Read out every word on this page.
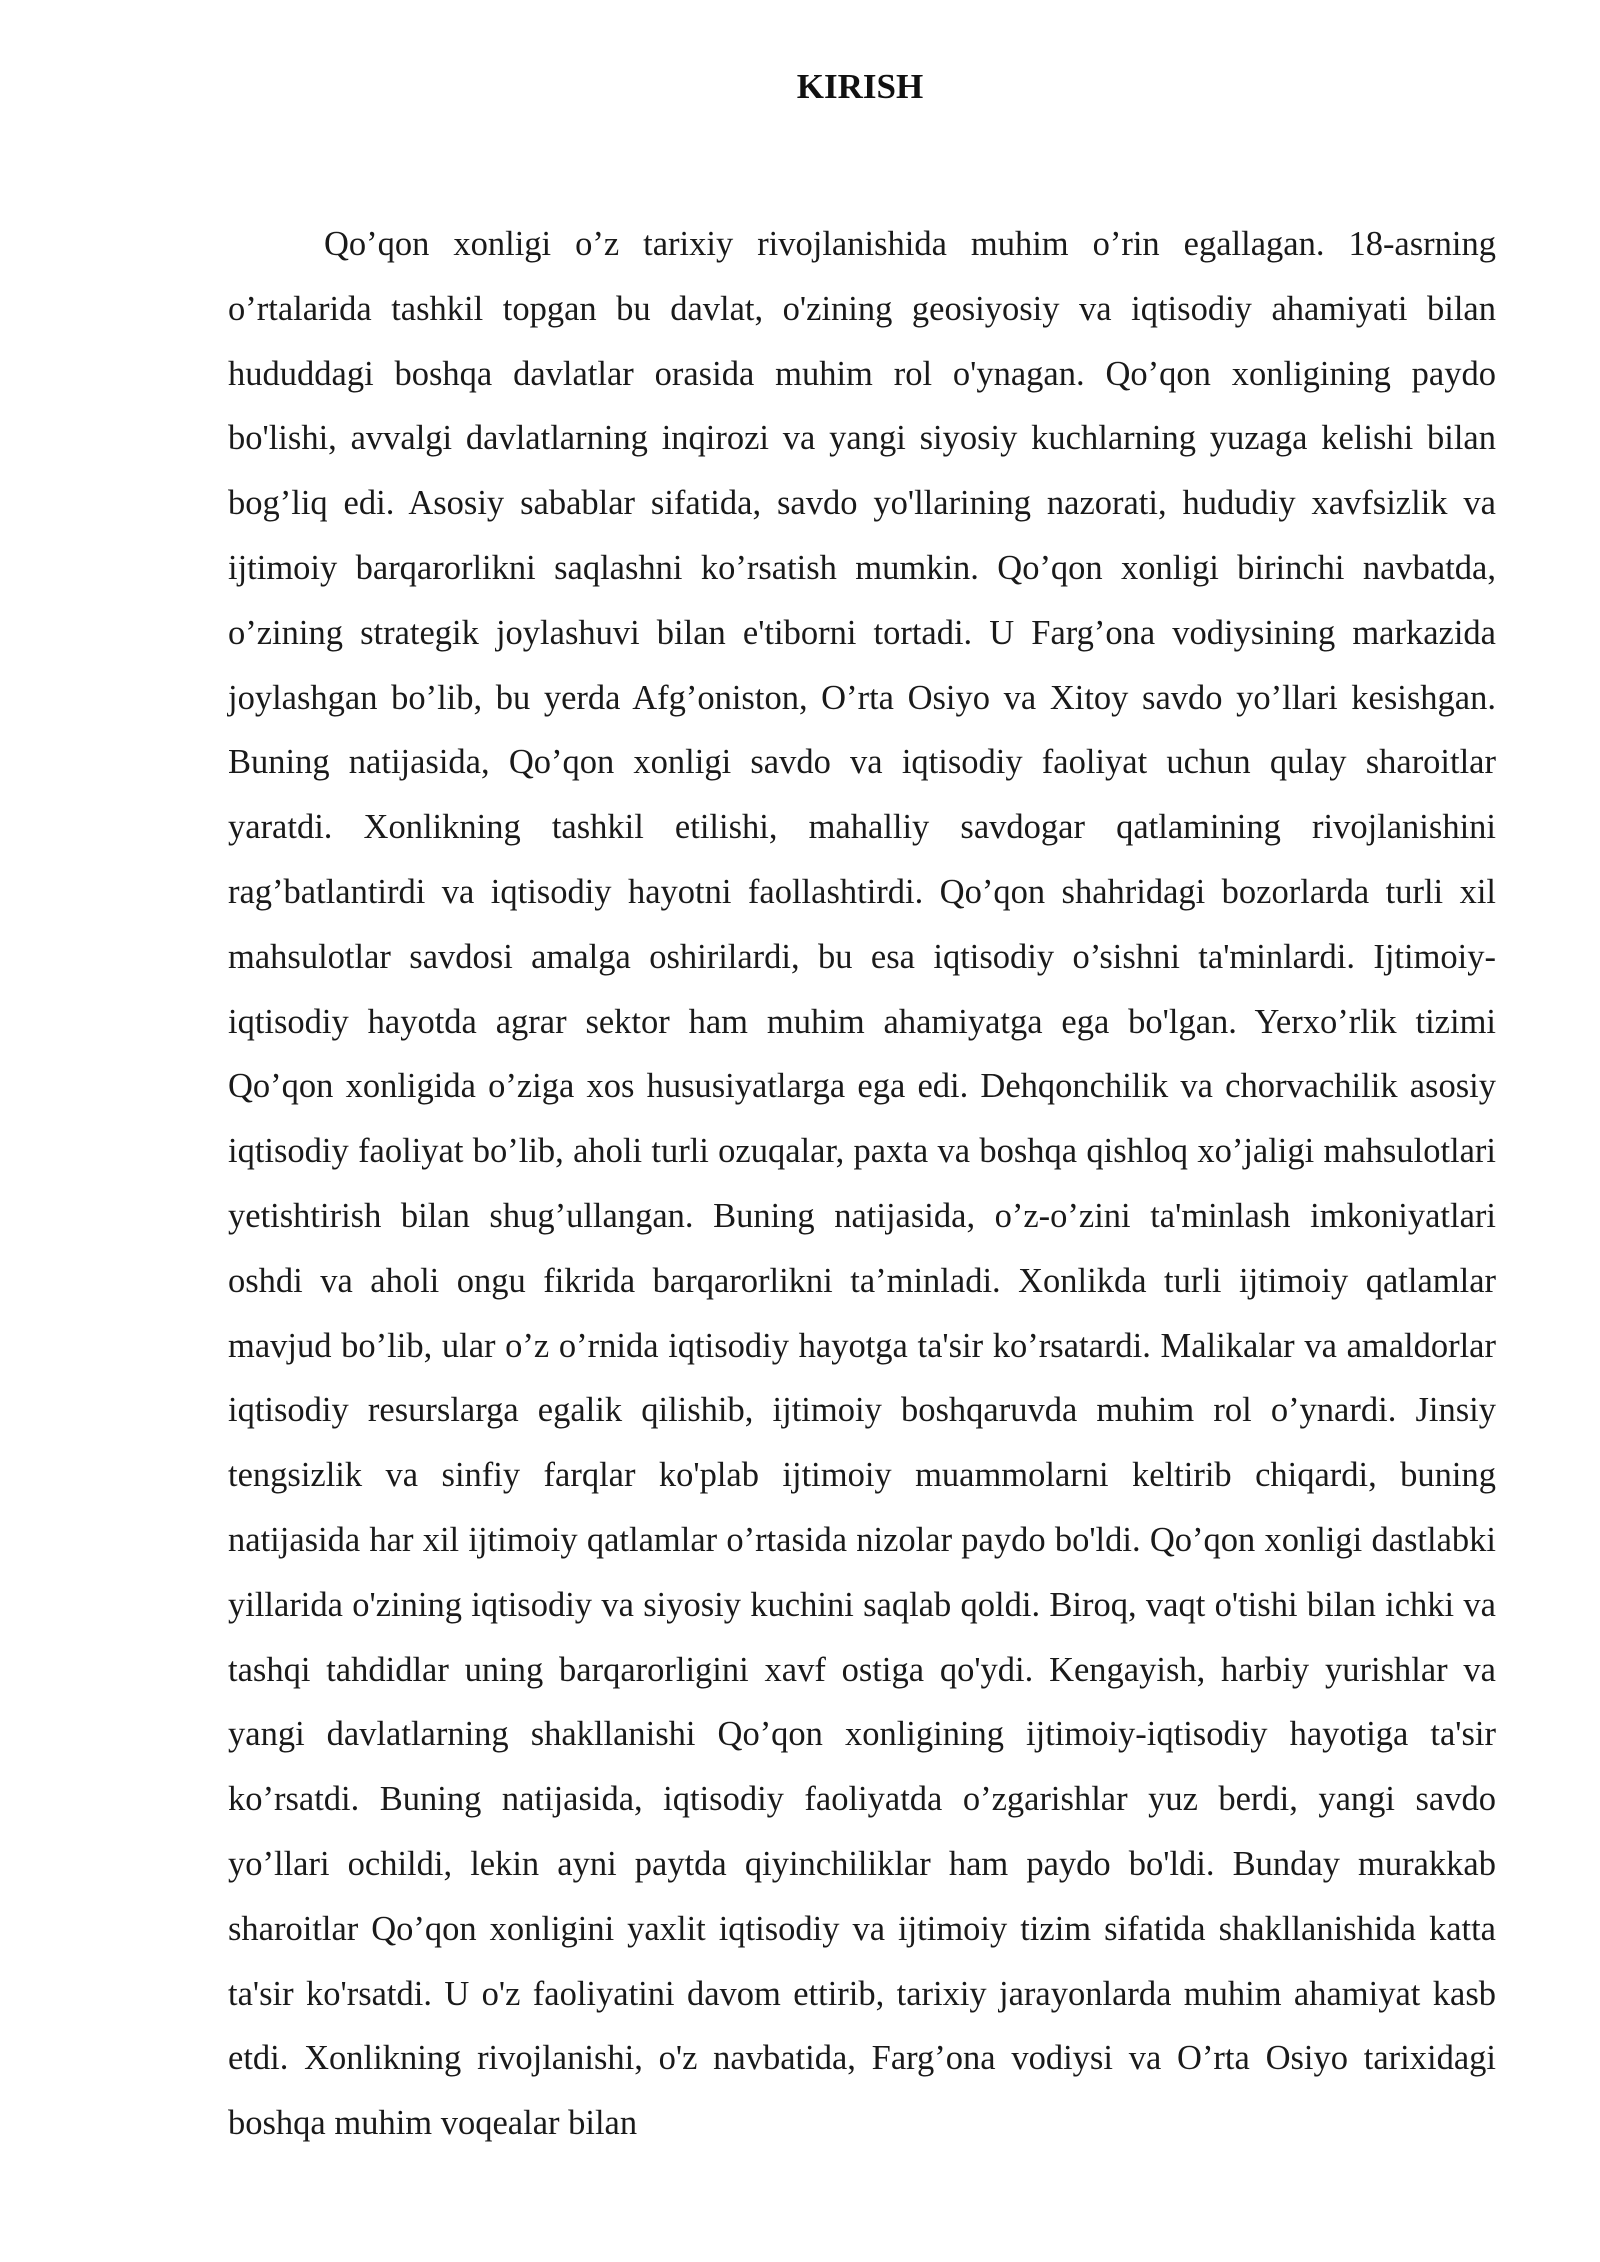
KIRISH

Qo’qon xonligi o’z tarixiy rivojlanishida muhim o’rin egallagan. 18-asrning o’rtalarida tashkil topgan bu davlat, o'zining geosiyosiy va iqtisodiy ahamiyati bilan hududdagi boshqa davlatlar orasida muhim rol o'ynagan. Qo’qon xonligining paydo bo'lishi, avvalgi davlatlarning inqirozi va yangi siyosiy kuchlarning yuzaga kelishi bilan bog’liq edi. Asosiy sabablar sifatida, savdo yo'llarining nazorati, hududiy xavfsizlik va ijtimoiy barqarorlikni saqlashni ko’rsatish mumkin. Qo’qon xonligi birinchi navbatda, o’zining strategik joylashuvi bilan e'tiborni tortadi. U Farg’ona vodiysining markazida joylashgan bo’lib, bu yerda Afg’oniston, O’rta Osiyo va Xitoy savdo yo’llari kesishgan. Buning natijasida, Qo’qon xonligi savdo va iqtisodiy faoliyat uchun qulay sharoitlar yaratdi. Xonlikning tashkil etilishi, mahalliy savdogar qatlamining rivojlanishini rag’batlantirdi va iqtisodiy hayotni faollashtirdi. Qo’qon shahridagi bozorlarda turli xil mahsulotlar savdosi amalga oshirilardi, bu esa iqtisodiy o’sishni ta'minlardi. Ijtimoiy-iqtisodiy hayotda agrar sektor ham muhim ahamiyatga ega bo'lgan. Yerxo’rlik tizimi Qo’qon xonligida o’ziga xos hususiyatlarga ega edi. Dehqonchilik va chorvachilik asosiy iqtisodiy faoliyat bo’lib, aholi turli ozuqalar, paxta va boshqa qishloq xo’jaligi mahsulotlari yetishtirish bilan shug’ullangan. Buning natijasida, o’z-o’zini ta'minlash imkoniyatlari oshdi va aholi ongu fikrida barqarorlikni ta’minladi. Xonlikda turli ijtimoiy qatlamlar mavjud bo’lib, ular o’z o’rnida iqtisodiy hayotga ta'sir ko’rsatardi. Malikalar va amaldorlar iqtisodiy resurslarga egalik qilishib, ijtimoiy boshqaruvda muhim rol o’ynardi. Jinsiy tengsizlik va sinfiy farqlar ko'plab ijtimoiy muammolarni keltirib chiqardi, buning natijasida har xil ijtimoiy qatlamlar o’rtasida nizolar paydo bo'ldi. Qo’qon xonligi dastlabki yillarida o'zining iqtisodiy va siyosiy kuchini saqlab qoldi. Biroq, vaqt o'tishi bilan ichki va tashqi tahdidlar uning barqarorligini xavf ostiga qo'ydi. Kengayish, harbiy yurishlar va yangi davlatlarning shakllanishi Qo’qon xonligining ijtimoiy-iqtisodiy hayotiga ta'sir ko’rsatdi. Buning natijasida, iqtisodiy faoliyatda o’zgarishlar yuz berdi, yangi savdo yo’llari ochildi, lekin ayni paytda qiyinchiliklar ham paydo bo'ldi. Bunday murakkab sharoitlar Qo’qon xonligini yaxlit iqtisodiy va ijtimoiy tizim sifatida shakllanishida katta ta'sir ko'rsatdi. U o'z faoliyatini davom ettirib, tarixiy jarayonlarda muhim ahamiyat kasb etdi. Xonlikning rivojlanishi, o'z navbatida, Farg’ona vodiysi va O’rta Osiyo tarixidagi boshqa muhim voqealar bilan
